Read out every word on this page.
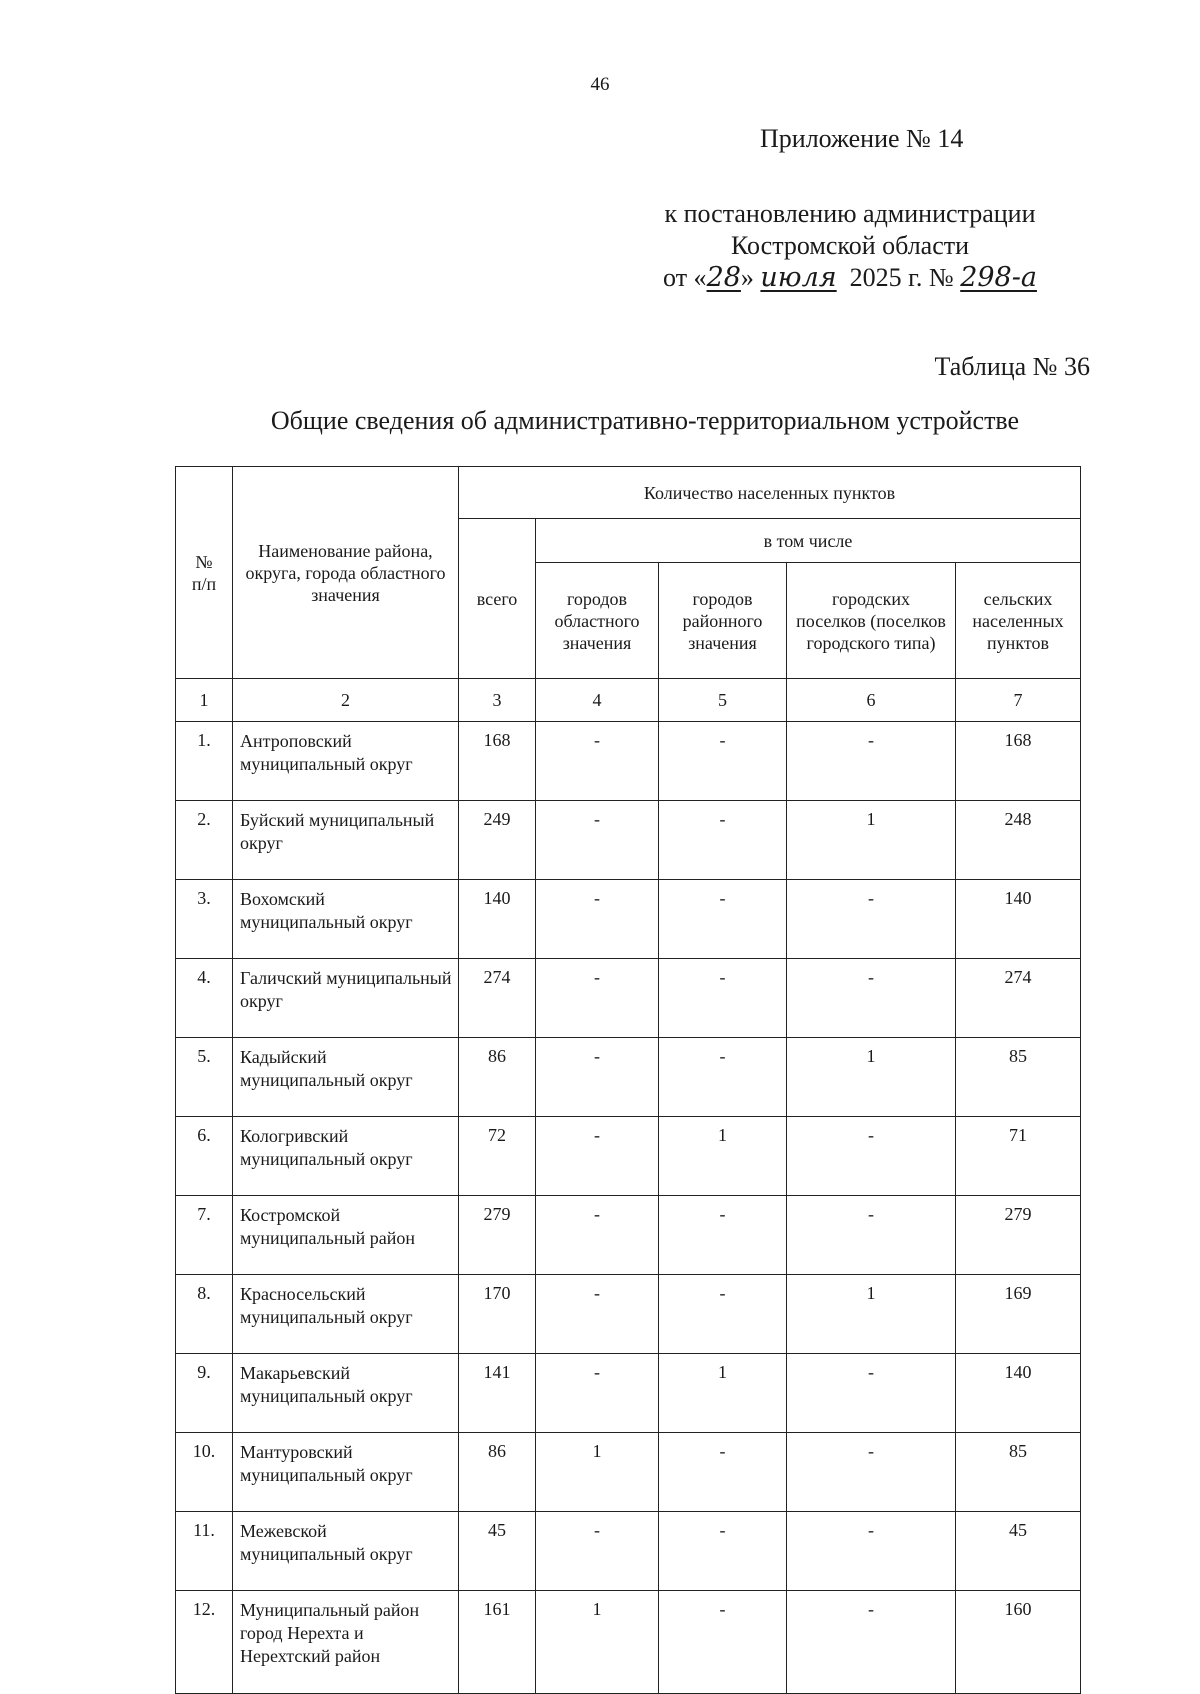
46
Приложение № 14
к постановлению администрации
Костромской области
от «28» июля 2025 г. № 298-а
Таблица № 36
Общие сведения об административно-территориальном устройстве
№ п/п	Наименование района, округа, города областного значения	Количество населенных пунктов				
		всего	в том числе			
			городов областного значения	городов районного значения	городских поселков (поселков городского типа)	сельских населенных пунктов
1	2	3	4	5	6	7
1.	Антроповский муниципальный округ	168	-	-	-	168
2.	Буйский муниципальный округ	249	-	-	1	248
3.	Вохомский муниципальный округ	140	-	-	-	140
4.	Галичский муниципальный округ	274	-	-	-	274
5.	Кадыйский муниципальный округ	86	-	-	1	85
6.	Кологривский муниципальный округ	72	-	1	-	71
7.	Костромской муниципальный район	279	-	-	-	279
8.	Красносельский муниципальный округ	170	-	-	1	169
9.	Макарьевский муниципальный округ	141	-	1	-	140
10.	Мантуровский муниципальный округ	86	1	-	-	85
11.	Межевской муниципальный округ	45	-	-	-	45
12.	Муниципальный район город Нерехта и Нерехтский район	161	1	-	-	160
